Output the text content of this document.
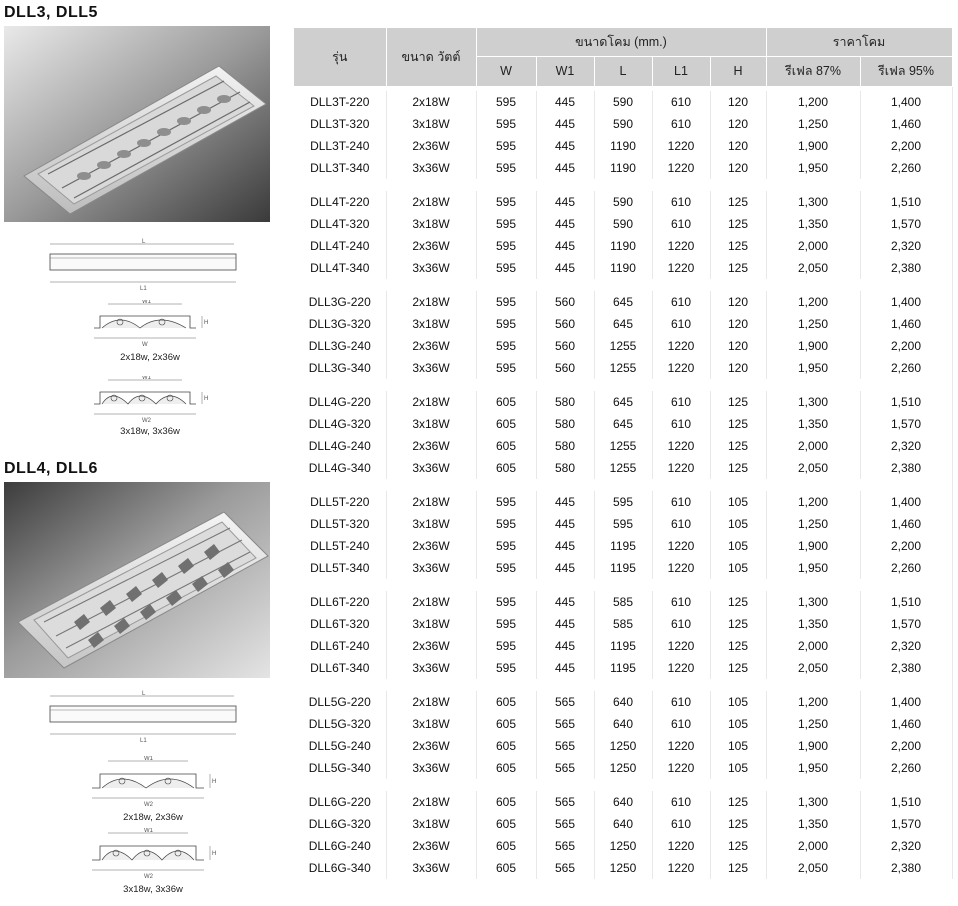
DLL3, DLL5
L
L1
W1
H
W
2x18w, 2x36w
W1
H
W2
3x18w, 3x36w
DLL4, DLL6
L
L1
W1
H
W2
2x18w, 2x36w
W1
H
W2
3x18w, 3x36w
รุ่น	ขนาด วัตต์	ขนาดโคม (mm.)					ราคาโคม	
		W	W1	L	L1	H	รีเฟล 87%	รีเฟล 95%

DLL3T-220	2x18W	595	445	590	610	120	1,200	1,400
DLL3T-320	3x18W	595	445	590	610	120	1,250	1,460
DLL3T-240	2x36W	595	445	1190	1220	120	1,900	2,200
DLL3T-340	3x36W	595	445	1190	1220	120	1,950	2,260

DLL4T-220	2x18W	595	445	590	610	125	1,300	1,510
DLL4T-320	3x18W	595	445	590	610	125	1,350	1,570
DLL4T-240	2x36W	595	445	1190	1220	125	2,000	2,320
DLL4T-340	3x36W	595	445	1190	1220	125	2,050	2,380

DLL3G-220	2x18W	595	560	645	610	120	1,200	1,400
DLL3G-320	3x18W	595	560	645	610	120	1,250	1,460
DLL3G-240	2x36W	595	560	1255	1220	120	1,900	2,200
DLL3G-340	3x36W	595	560	1255	1220	120	1,950	2,260

DLL4G-220	2x18W	605	580	645	610	125	1,300	1,510
DLL4G-320	3x18W	605	580	645	610	125	1,350	1,570
DLL4G-240	2x36W	605	580	1255	1220	125	2,000	2,320
DLL4G-340	3x36W	605	580	1255	1220	125	2,050	2,380

DLL5T-220	2x18W	595	445	595	610	105	1,200	1,400
DLL5T-320	3x18W	595	445	595	610	105	1,250	1,460
DLL5T-240	2x36W	595	445	1195	1220	105	1,900	2,200
DLL5T-340	3x36W	595	445	1195	1220	105	1,950	2,260

DLL6T-220	2x18W	595	445	585	610	125	1,300	1,510
DLL6T-320	3x18W	595	445	585	610	125	1,350	1,570
DLL6T-240	2x36W	595	445	1195	1220	125	2,000	2,320
DLL6T-340	3x36W	595	445	1195	1220	125	2,050	2,380

DLL5G-220	2x18W	605	565	640	610	105	1,200	1,400
DLL5G-320	3x18W	605	565	640	610	105	1,250	1,460
DLL5G-240	2x36W	605	565	1250	1220	105	1,900	2,200
DLL5G-340	3x36W	605	565	1250	1220	105	1,950	2,260

DLL6G-220	2x18W	605	565	640	610	125	1,300	1,510
DLL6G-320	3x18W	605	565	640	610	125	1,350	1,570
DLL6G-240	2x36W	605	565	1250	1220	125	2,000	2,320
DLL6G-340	3x36W	605	565	1250	1220	125	2,050	2,380
